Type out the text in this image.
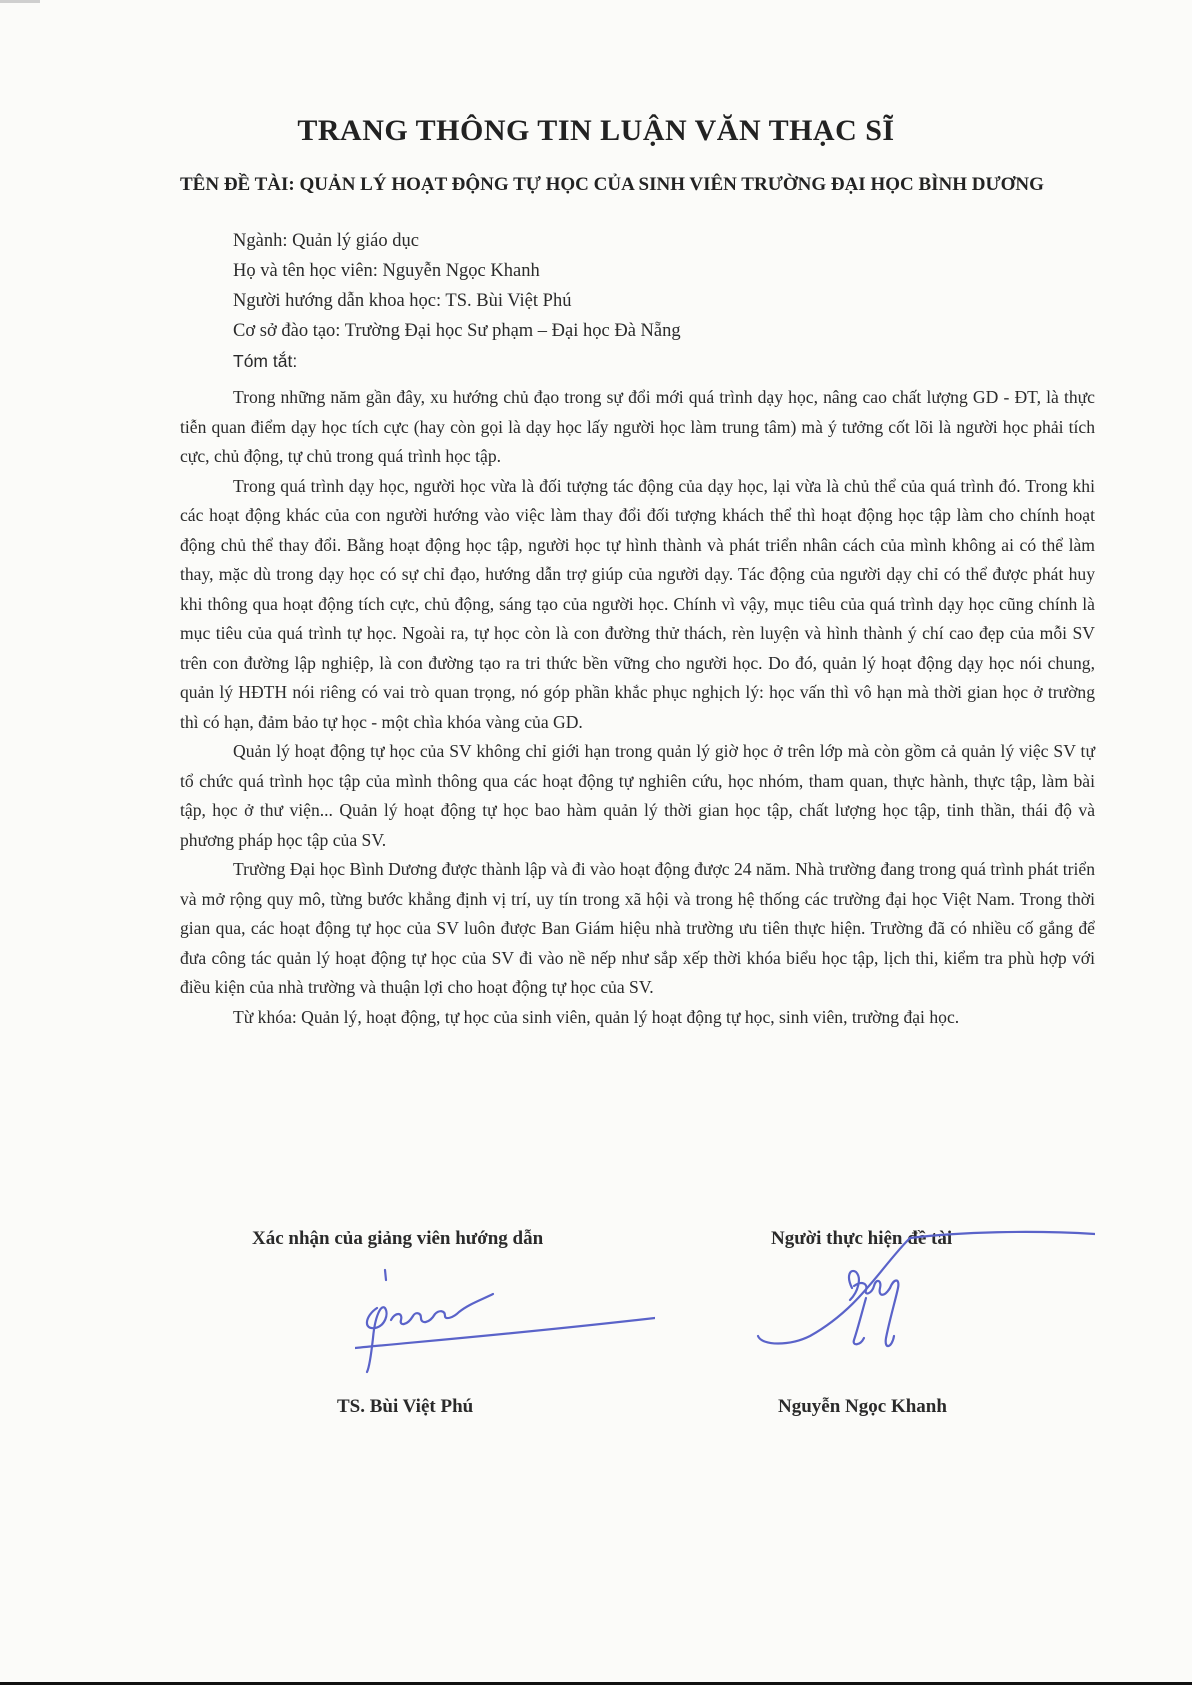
TRANG THÔNG TIN LUẬN VĂN THẠC SĨ
TÊN ĐỀ TÀI: QUẢN LÝ HOẠT ĐỘNG TỰ HỌC CỦA SINH VIÊN TRƯỜNG ĐẠI HỌC BÌNH DƯƠNG
Ngành: Quản lý giáo dục
Họ và tên học viên: Nguyễn Ngọc Khanh
Người hướng dẫn khoa học: TS. Bùi Việt Phú
Cơ sở đào tạo: Trường Đại học Sư phạm – Đại học Đà Nẵng
Tóm tắt:

Trong những năm gần đây, xu hướng chủ đạo trong sự đổi mới quá trình dạy học, nâng cao chất lượng GD - ĐT, là thực tiễn quan điểm dạy học tích cực (hay còn gọi là dạy học lấy người học làm trung tâm) mà ý tưởng cốt lõi là người học phải tích cực, chủ động, tự chủ trong quá trình học tập.

Trong quá trình dạy học, người học vừa là đối tượng tác động của dạy học, lại vừa là chủ thể của quá trình đó. Trong khi các hoạt động khác của con người hướng vào việc làm thay đổi đối tượng khách thể thì hoạt động học tập làm cho chính hoạt động chủ thể thay đổi. Bằng hoạt động học tập, người học tự hình thành và phát triển nhân cách của mình không ai có thể làm thay, mặc dù trong dạy học có sự chỉ đạo, hướng dẫn trợ giúp của người dạy. Tác động của người dạy chỉ có thể được phát huy khi thông qua hoạt động tích cực, chủ động, sáng tạo của người học. Chính vì vậy, mục tiêu của quá trình dạy học cũng chính là mục tiêu của quá trình tự học. Ngoài ra, tự học còn là con đường thử thách, rèn luyện và hình thành ý chí cao đẹp của mỗi SV trên con đường lập nghiệp, là con đường tạo ra tri thức bền vững cho người học. Do đó, quản lý hoạt động dạy học nói chung, quản lý HĐTH nói riêng có vai trò quan trọng, nó góp phần khắc phục nghịch lý: học vấn thì vô hạn mà thời gian học ở trường thì có hạn, đảm bảo tự học - một chìa khóa vàng của GD.

Quản lý hoạt động tự học của SV không chỉ giới hạn trong quản lý giờ học ở trên lớp mà còn gồm cả quản lý việc SV tự tổ chức quá trình học tập của mình thông qua các hoạt động tự nghiên cứu, học nhóm, tham quan, thực hành, thực tập, làm bài tập, học ở thư viện... Quản lý hoạt động tự học bao hàm quản lý thời gian học tập, chất lượng học tập, tinh thần, thái độ và phương pháp học tập của SV.

Trường Đại học Bình Dương được thành lập và đi vào hoạt động được 24 năm. Nhà trường đang trong quá trình phát triển và mở rộng quy mô, từng bước khẳng định vị trí, uy tín trong xã hội và trong hệ thống các trường đại học Việt Nam. Trong thời gian qua, các hoạt động tự học của SV luôn được Ban Giám hiệu nhà trường ưu tiên thực hiện. Trường đã có nhiều cố gắng để đưa công tác quản lý hoạt động tự học của SV đi vào nề nếp như sắp xếp thời khóa biểu học tập, lịch thi, kiểm tra phù hợp với điều kiện của nhà trường và thuận lợi cho hoạt động tự học của SV.

Từ khóa: Quản lý, hoạt động, tự học của sinh viên, quản lý hoạt động tự học, sinh viên, trường đại học.

Xác nhận của giảng viên hướng dẫn	Người thực hiện đề tài
TS. Bùi Việt Phú	Nguyễn Ngọc Khanh
